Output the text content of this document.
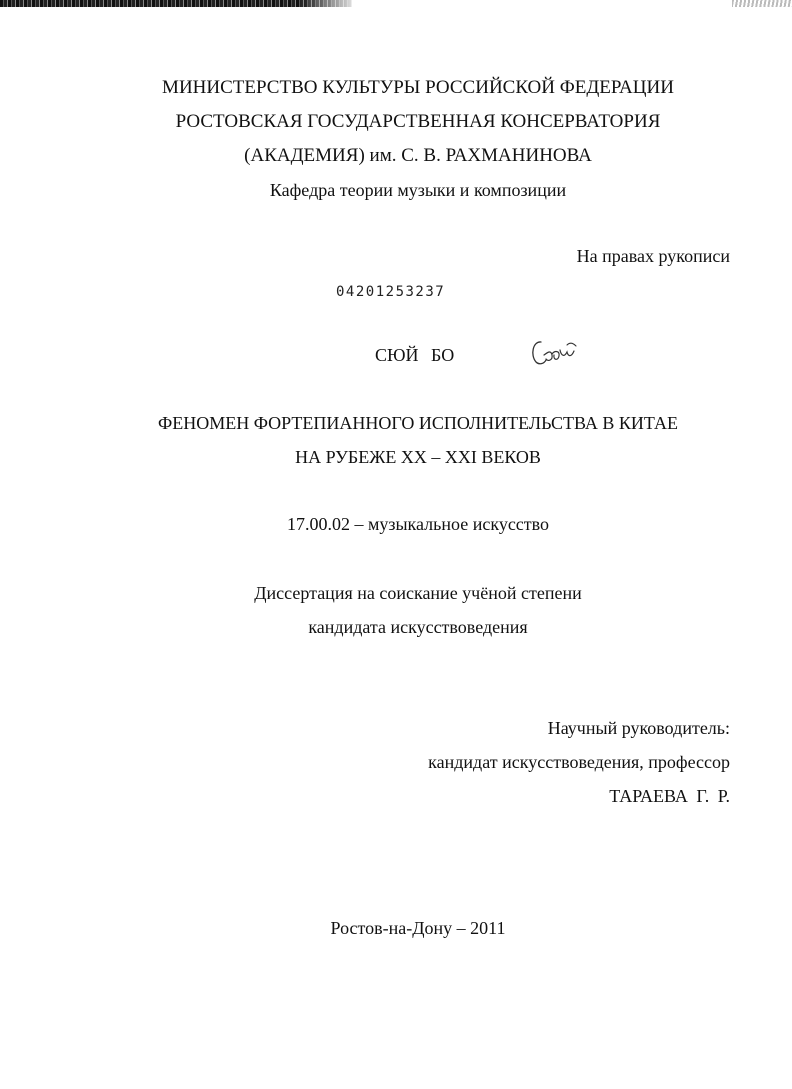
МИНИСТЕРСТВО КУЛЬТУРЫ РОССИЙСКОЙ ФЕДЕРАЦИИ
РОСТОВСКАЯ ГОСУДАРСТВЕННАЯ КОНСЕРВАТОРИЯ
(АКАДЕМИЯ) им. С. В. РАХМАНИНОВА
Кафедра теории музыки и композиции
На правах рукописи
04201253237
СЮЙ БО
ФЕНОМЕН ФОРТЕПИАННОГО ИСПОЛНИТЕЛЬСТВА В КИТАЕ
НА РУБЕЖЕ XX – XXI ВЕКОВ
17.00.02 – музыкальное искусство
Диссертация на соискание учёной степени
кандидата искусствоведения
Научный руководитель:
кандидат искусствоведения, профессор
ТАРАЕВА Г. Р.
Ростов-на-Дону – 2011
